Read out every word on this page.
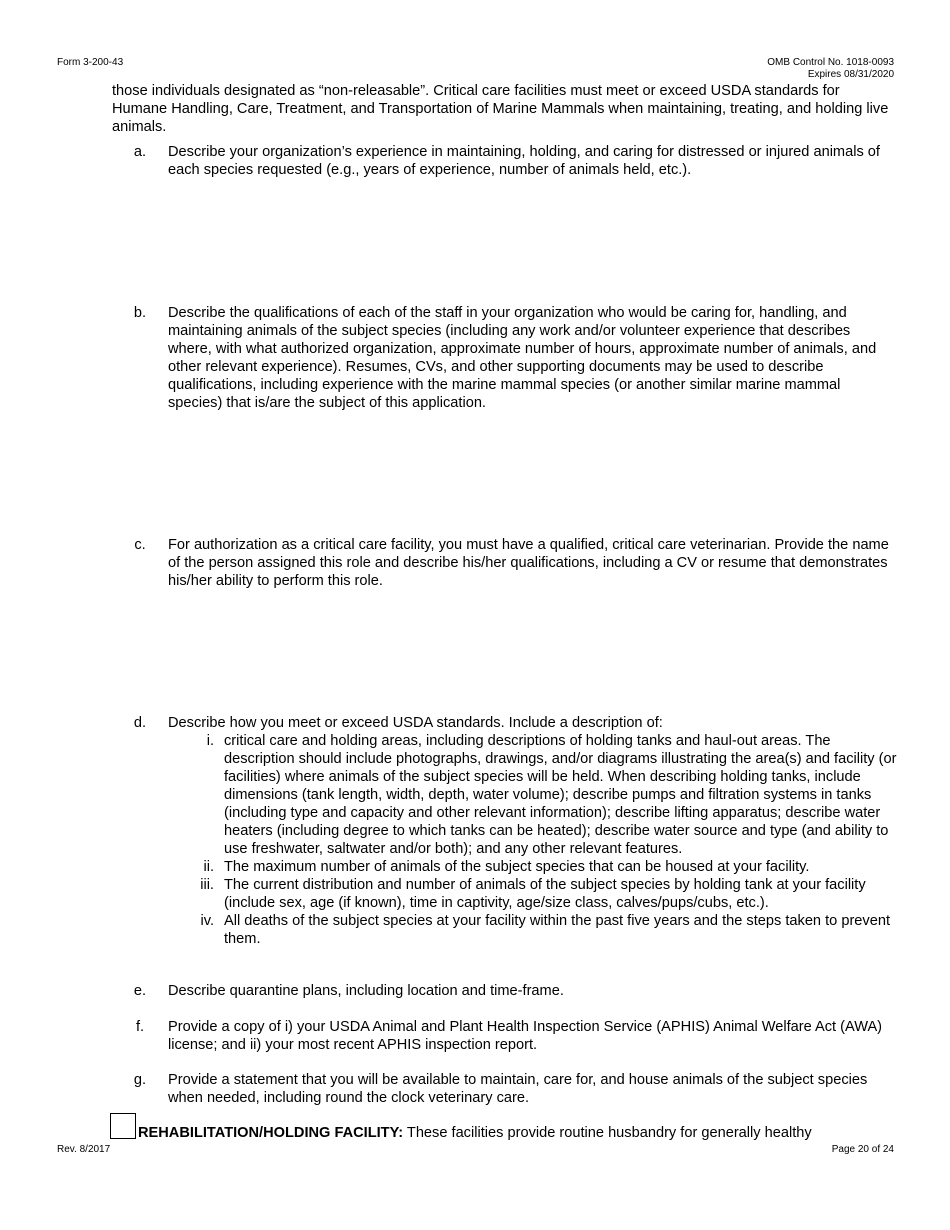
Form 3-200-43	OMB Control No. 1018-0093
Expires 08/31/2020
those individuals designated as “non-releasable”. Critical care facilities must meet or exceed USDA standards for Humane Handling, Care, Treatment, and Transportation of Marine Mammals when maintaining, treating, and holding live animals.
a.	Describe your organization’s experience in maintaining, holding, and caring for distressed or injured animals of each species requested (e.g., years of experience, number of animals held, etc.).
b.	Describe the qualifications of each of the staff in your organization who would be caring for, handling, and maintaining animals of the subject species (including any work and/or volunteer experience that describes where, with what authorized organization, approximate number of hours, approximate number of animals, and other relevant experience). Resumes, CVs, and other supporting documents may be used to describe qualifications, including experience with the marine mammal species (or another similar marine mammal species) that is/are the subject of this application.
c.	For authorization as a critical care facility, you must have a qualified, critical care veterinarian. Provide the name of the person assigned this role and describe his/her qualifications, including a CV or resume that demonstrates his/her ability to perform this role.
d.	Describe how you meet or exceed USDA standards. Include a description of:
i. critical care and holding areas, including descriptions of holding tanks and haul-out areas. The description should include photographs, drawings, and/or diagrams illustrating the area(s) and facility (or facilities) where animals of the subject species will be held. When describing holding tanks, include dimensions (tank length, width, depth, water volume); describe pumps and filtration systems in tanks (including type and capacity and other relevant information); describe lifting apparatus; describe water heaters (including degree to which tanks can be heated); describe water source and type (and ability to use freshwater, saltwater and/or both); and any other relevant features.
ii. The maximum number of animals of the subject species that can be housed at your facility.
iii. The current distribution and number of animals of the subject species by holding tank at your facility (include sex, age (if known), time in captivity, age/size class, calves/pups/cubs, etc.).
iv. All deaths of the subject species at your facility within the past five years and the steps taken to prevent them.
e.	Describe quarantine plans, including location and time-frame.
f.	Provide a copy of i) your USDA Animal and Plant Health Inspection Service (APHIS) Animal Welfare Act (AWA) license; and ii) your most recent APHIS inspection report.
g.	Provide a statement that you will be available to maintain, care for, and house animals of the subject species when needed, including round the clock veterinary care.
REHABILITATION/HOLDING FACILITY: These facilities provide routine husbandry for generally healthy
Rev. 8/2017	Page 20 of 24
